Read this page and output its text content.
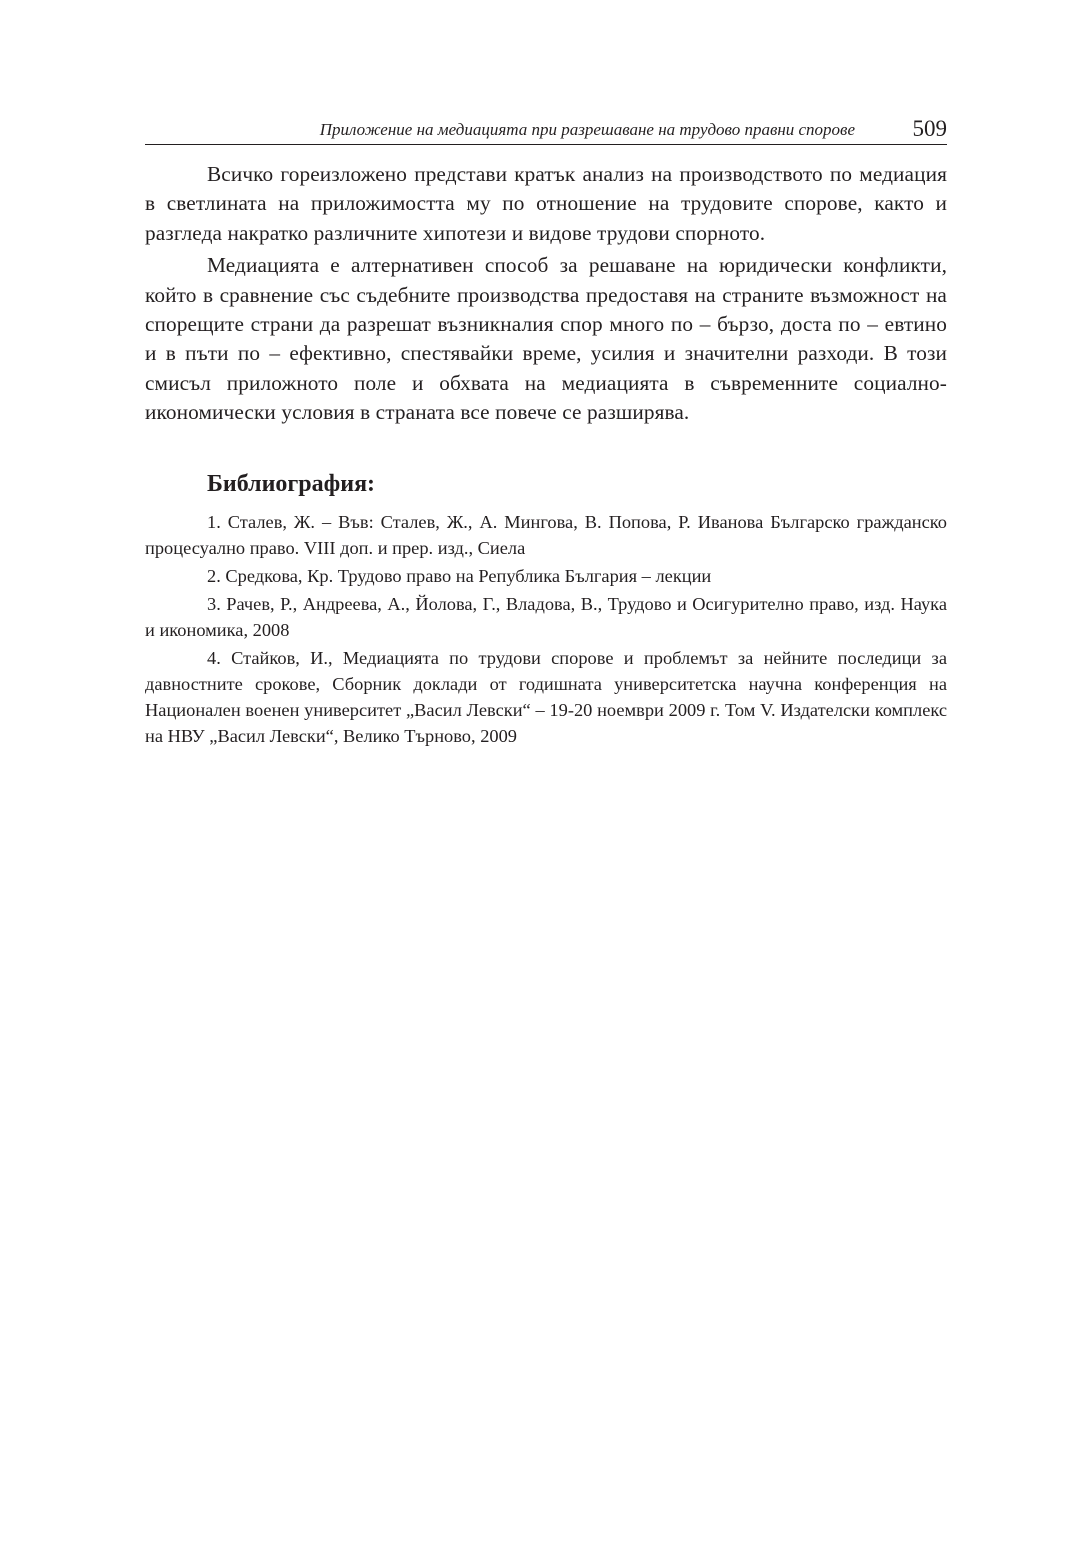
Приложение на медиацията при разрешаване на трудово правни спорове	509

Всичко гореизложено представи кратък анализ на производството по медиация в светлината на приложимостта му по отношение на трудовите спорове, както и разгледа накратко различните хипотези и видове трудови спорното.

Медиацията е алтернативен способ за решаване на юридически конфликти, който в сравнение със съдебните производства предоставя на страните възможност на спорещите страни да разрешат възникналия спор много по – бързо, доста по – евтино и в пъти по – ефективно, спестявайки време, усилия и значителни разходи. В този смисъл приложното поле и обхвата на медиацията в съвременните социално-икономически условия в страната все повече се разширява.

Библиография:
1. Сталев, Ж. – Във: Сталев, Ж., А. Мингова, В. Попова, Р. Иванова Българско гражданско процесуално право. VIII доп. и прер. изд., Сиела
2. Средкова, Кр. Трудово право на Република България – лекции
3. Рачев, Р., Андреева, А., Йолова, Г., Владова, В., Трудово и Осигурително право, изд. Наука и икономика, 2008
4. Стайков, И., Медиацията по трудови спорове и проблемът за нейните последици за давностните срокове, Сборник доклади от годишната университетска научна конференция на Национален военен университет „Васил Левски“ – 19-20 ноември 2009 г. Том V. Издателски комплекс на НВУ „Васил Левски“, Велико Търново, 2009
